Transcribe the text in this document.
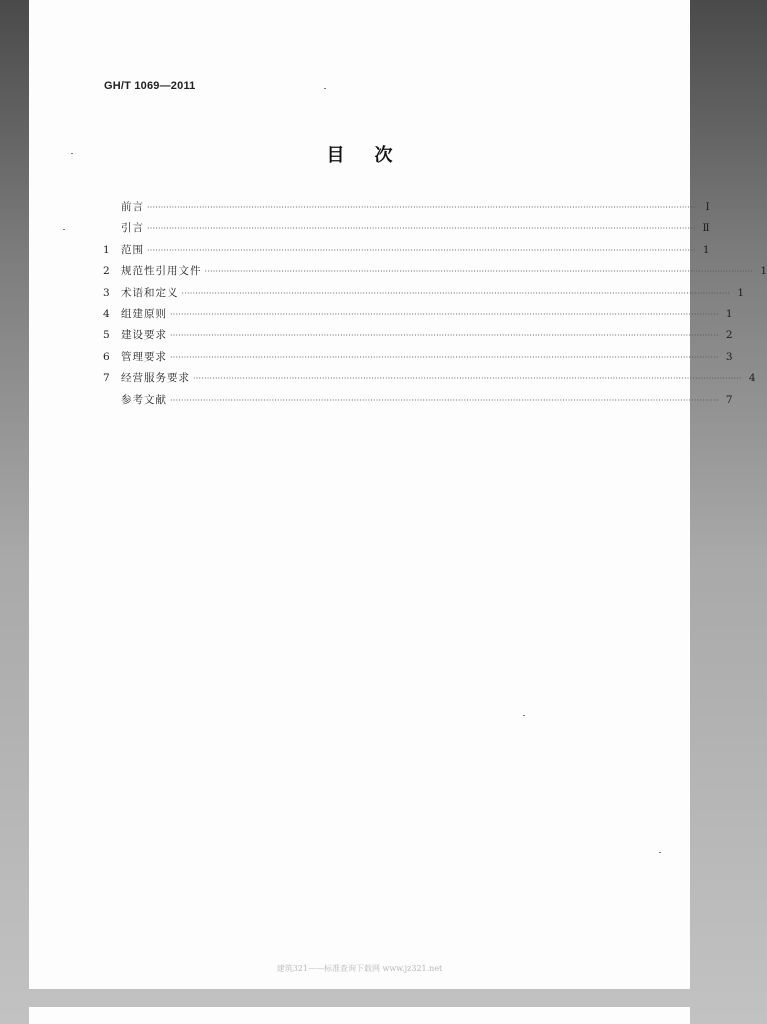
GH/T 1069—2011
目次
前言 ········································································································································································································ Ⅰ
引言 ········································································································································································································ Ⅱ
1	范围 ········································································································································································································ 1
2	规范性引用文件 ········································································································································································································ 1
3	术语和定义 ········································································································································································································ 1
4	组建原则 ········································································································································································································ 1
5	建设要求 ········································································································································································································ 2
6	管理要求 ········································································································································································································ 3
7	经营服务要求 ········································································································································································································ 4
参考文献 ········································································································································································································ 7
建筑321——标准查询下载网 www.jz321.net
